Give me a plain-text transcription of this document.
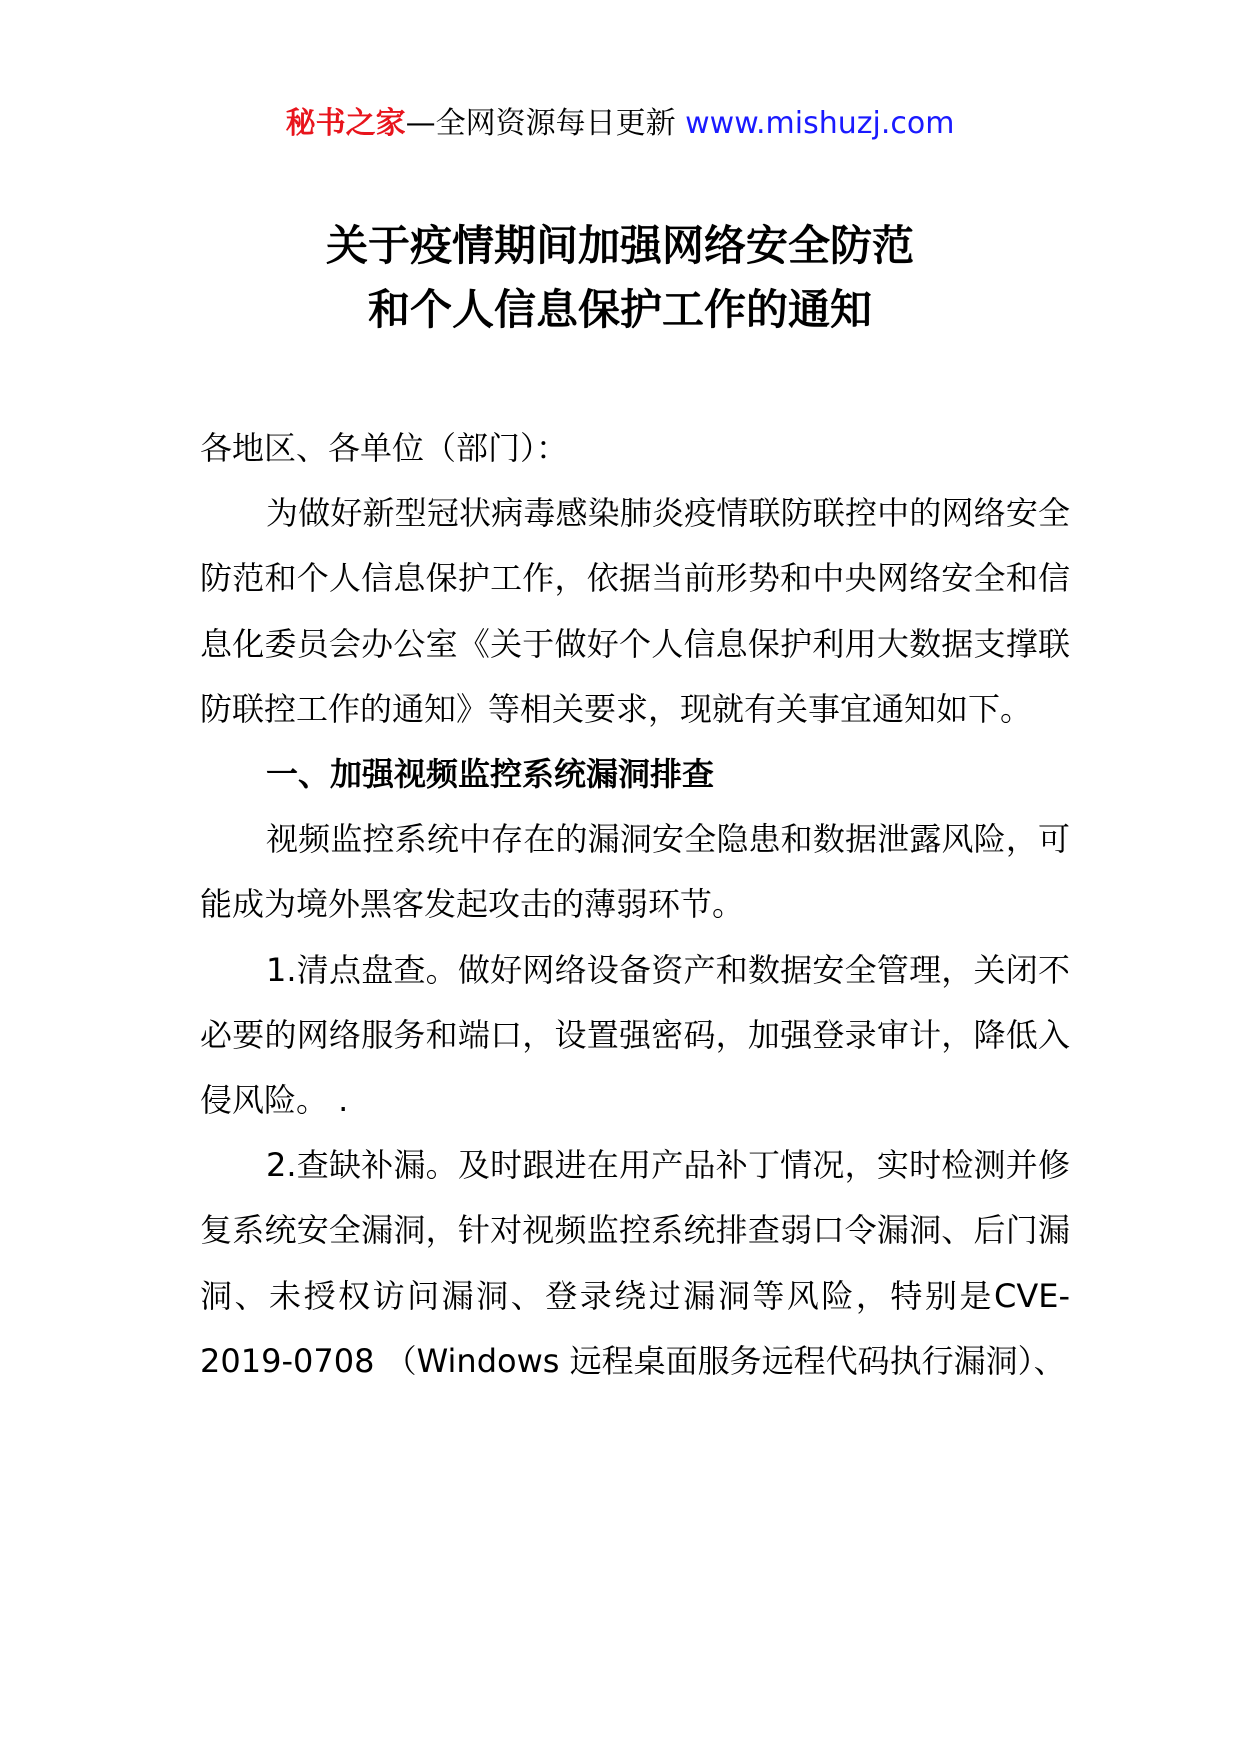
秘书之家—全网资源每日更新 www.mishuzj.com
关于疫情期间加强网络安全防范
和个人信息保护工作的通知

各地区、各单位（部门）：

为做好新型冠状病毒感染肺炎疫情联防联控中的网络安全防范和个人信息保护工作，依据当前形势和中央网络安全和信息化委员会办公室《关于做好个人信息保护利用大数据支撑联防联控工作的通知》等相关要求，现就有关事宜通知如下。

一、加强视频监控系统漏洞排查

视频监控系统中存在的漏洞安全隐患和数据泄露风险，可能成为境外黑客发起攻击的薄弱环节。

1.清点盘查。做好网络设备资产和数据安全管理，关闭不必要的网络服务和端口，设置强密码，加强登录审计，降低入侵风险。 .

2.查缺补漏。及时跟进在用产品补丁情况，实时检测并修复系统安全漏洞，针对视频监控系统排查弱口令漏洞、后门漏 洞、未授权访问漏洞、登录绕过漏洞等风险，特别是CVE-2019-0708 （Windows 远程桌面服务远程代码执行漏洞）、
